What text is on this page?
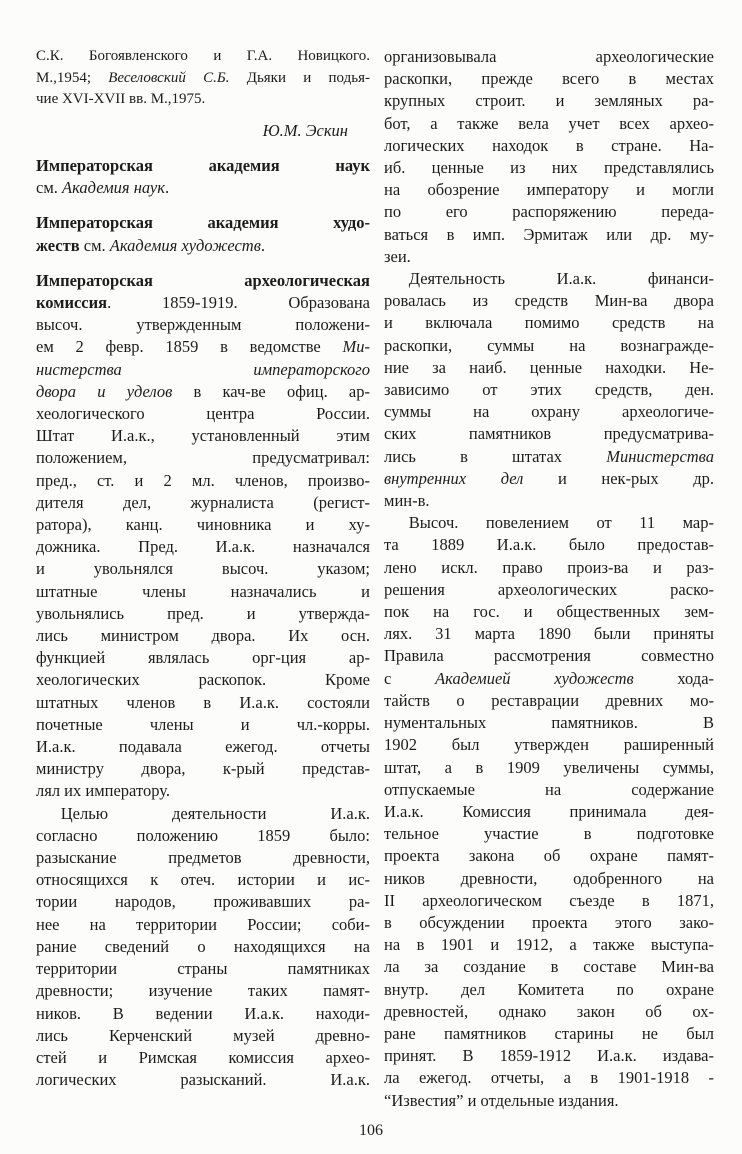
С.К. Богоявленского и Г.А. Новицкого.
М.,1954; Веселовский С.Б. Дьяки и подья-
чие XVI-XVII вв. М.,1975.
Ю.М. Эскин
Императорская академия наук
см. Академия наук.
Императорская академия худо-
жеств см. Академия художеств.
Императорская археологическая
комиссия. 1859-1919. Образована
высоч. утвержденным положени-
ем 2 февр. 1859 в ведомстве Ми-
нистерства императорского
двора и уделов в кач-ве офиц. ар-
хеологического центра России.
Штат И.а.к., установленный этим
положением, предусматривал:
пред., ст. и 2 мл. членов, произво-
дителя дел, журналиста (регист-
ратора), канц. чиновника и ху-
дожника. Пред. И.а.к. назначался
и увольнялся высоч. указом;
штатные члены назначались и
увольнялись пред. и утвержда-
лись министром двора. Их осн.
функцией являлась орг-ция ар-
хеологических раскопок. Кроме
штатных членов в И.а.к. состояли
почетные члены и чл.-корры.
И.а.к. подавала ежегод. отчеты
министру двора, к-рый представ-
лял их императору.
Целью деятельности И.а.к.
согласно положению 1859 было:
разыскание предметов древности,
относящихся к отеч. истории и ис-
тории народов, проживавших ра-
нее на территории России; соби-
рание сведений о находящихся на
территории страны памятниках
древности; изучение таких памят-
ников. В ведении И.а.к. находи-
лись Керченский музей древно-
стей и Римская комиссия архео-
логических разысканий. И.а.к.
организовывала археологические
раскопки, прежде всего в местах
крупных строит. и земляных ра-
бот, а также вела учет всех архео-
логических находок в стране. На-
иб. ценные из них представлялись
на обозрение императору и могли
по его распоряжению переда-
ваться в имп. Эрмитаж или др. му-
зеи.
Деятельность И.а.к. финанси-
ровалась из средств Мин-ва двора
и включала помимо средств на
раскопки, суммы на вознагражде-
ние за наиб. ценные находки. Не-
зависимо от этих средств, ден.
суммы на охрану археологиче-
ских памятников предусматрива-
лись в штатах Министерства
внутренних дел и нек-рых др.
мин-в.
Высоч. повелением от 11 мар-
та 1889 И.а.к. было предостав-
лено искл. право произ-ва и раз-
решения археологических раско-
пок на гос. и общественных зем-
лях. 31 марта 1890 были приняты
Правила рассмотрения совместно
с Академией художеств хода-
тайств о реставрации древних мо-
нументальных памятников. В
1902 был утвержден раширенный
штат, а в 1909 увеличены суммы,
отпускаемые на содержание
И.а.к. Комиссия принимала дея-
тельное участие в подготовке
проекта закона об охране памят-
ников древности, одобренного на
II археологическом съезде в 1871,
в обсуждении проекта этого зако-
на в 1901 и 1912, а также выступа-
ла за создание в составе Мин-ва
внутр. дел Комитета по охране
древностей, однако закон об ох-
ране памятников старины не был
принят. В 1859-1912 И.а.к. издава-
ла ежегод. отчеты, а в 1901-1918 -
“Известия” и отдельные издания.
106
